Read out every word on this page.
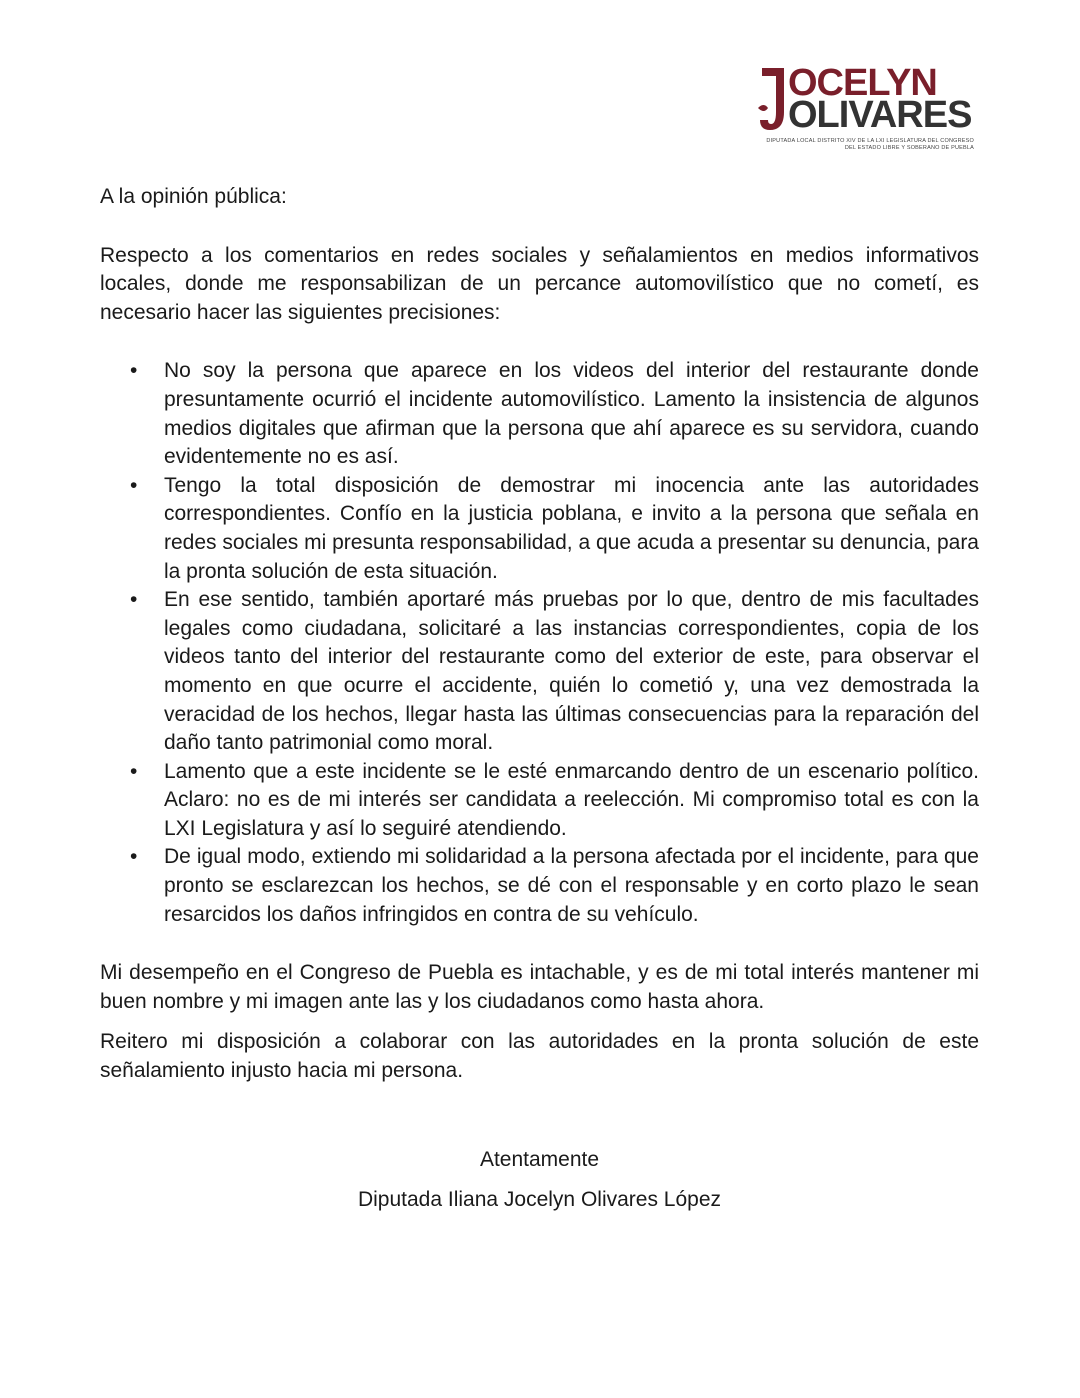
OCELYN
OLIVARES
DIPUTADA LOCAL DISTRITO XIV DE LA LXI LEGISLATURA DEL CONGRESO DEL ESTADO LIBRE Y SOBERANO DE PUEBLA

A la opinión pública:

Respecto a los comentarios en redes sociales y señalamientos en medios informativos locales, donde me responsabilizan de un percance automovilístico que no cometí, es necesario hacer las siguientes precisiones:

• No soy la persona que aparece en los videos del interior del restaurante donde presuntamente ocurrió el incidente automovilístico. Lamento la insistencia de algunos medios digitales que afirman que la persona que ahí aparece es su servidora, cuando evidentemente no es así.
• Tengo la total disposición de demostrar mi inocencia ante las autoridades correspondientes. Confío en la justicia poblana, e invito a la persona que señala en redes sociales mi presunta responsabilidad, a que acuda a presentar su denuncia, para la pronta solución de esta situación.
• En ese sentido, también aportaré más pruebas por lo que, dentro de mis facultades legales como ciudadana, solicitaré a las instancias correspondientes, copia de los videos tanto del interior del restaurante como del exterior de este, para observar el momento en que ocurre el accidente, quién lo cometió y, una vez demostrada la veracidad de los hechos, llegar hasta las últimas consecuencias para la reparación del daño tanto patrimonial como moral.
• Lamento que a este incidente se le esté enmarcando dentro de un escenario político. Aclaro: no es de mi interés ser candidata a reelección. Mi compromiso total es con la LXI Legislatura y así lo seguiré atendiendo.
• De igual modo, extiendo mi solidaridad a la persona afectada por el incidente, para que pronto se esclarezcan los hechos, se dé con el responsable y en corto plazo le sean resarcidos los daños infringidos en contra de su vehículo.

Mi desempeño en el Congreso de Puebla es intachable, y es de mi total interés mantener mi buen nombre y mi imagen ante las y los ciudadanos como hasta ahora.

Reitero mi disposición a colaborar con las autoridades en la pronta solución de este señalamiento injusto hacia mi persona.

Atentamente

Diputada Iliana Jocelyn Olivares López
